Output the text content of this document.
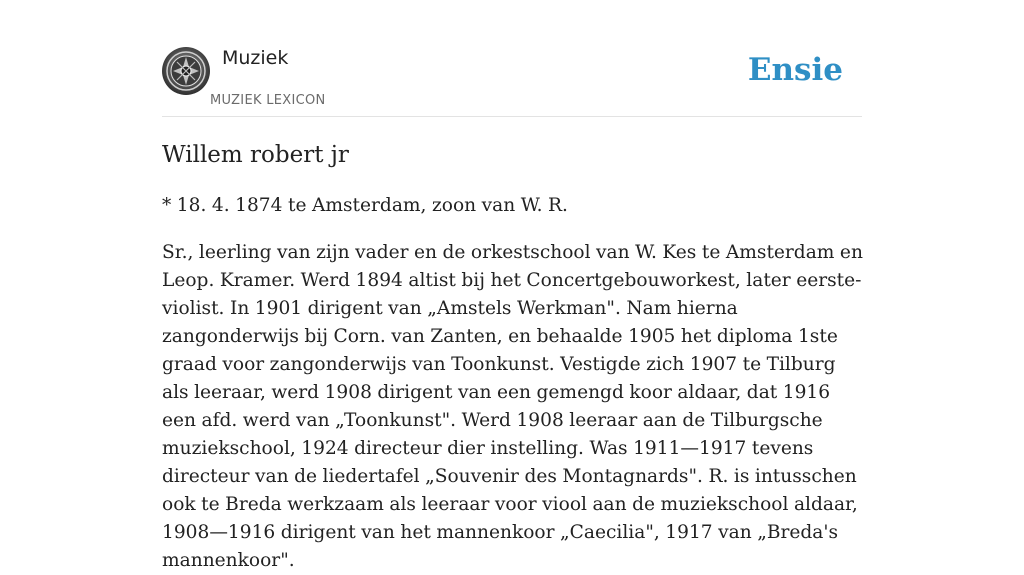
Muziek
MUZIEK LEXICON
Ensie
Willem robert jr

* 18. 4. 1874 te Amsterdam, zoon van W. R.

Sr., leerling van zijn vader en de orkestschool van W. Kes te Amsterdam en Leop. Kramer. Werd 1894 altist bij het Concertgebouworkest, later eerste-violist. In 1901 dirigent van „Amstels Werkman". Nam hierna zangonderwijs bij Corn. van Zanten, en behaalde 1905 het diploma 1ste graad voor zangonderwijs van Toonkunst. Vestigde zich 1907 te Tilburg als leeraar, werd 1908 dirigent van een gemengd koor aldaar, dat 1916 een afd. werd van „Toonkunst". Werd 1908 leeraar aan de Tilburgsche muziekschool, 1924 directeur dier instelling. Was 1911—1917 tevens directeur van de liedertafel „Souvenir des Montagnards". R. is intusschen ook te Breda werkzaam als leeraar voor viool aan de muziekschool aldaar, 1908—1916 dirigent van het mannenkoor „Caecilia", 1917 van „Breda's mannenkoor".
